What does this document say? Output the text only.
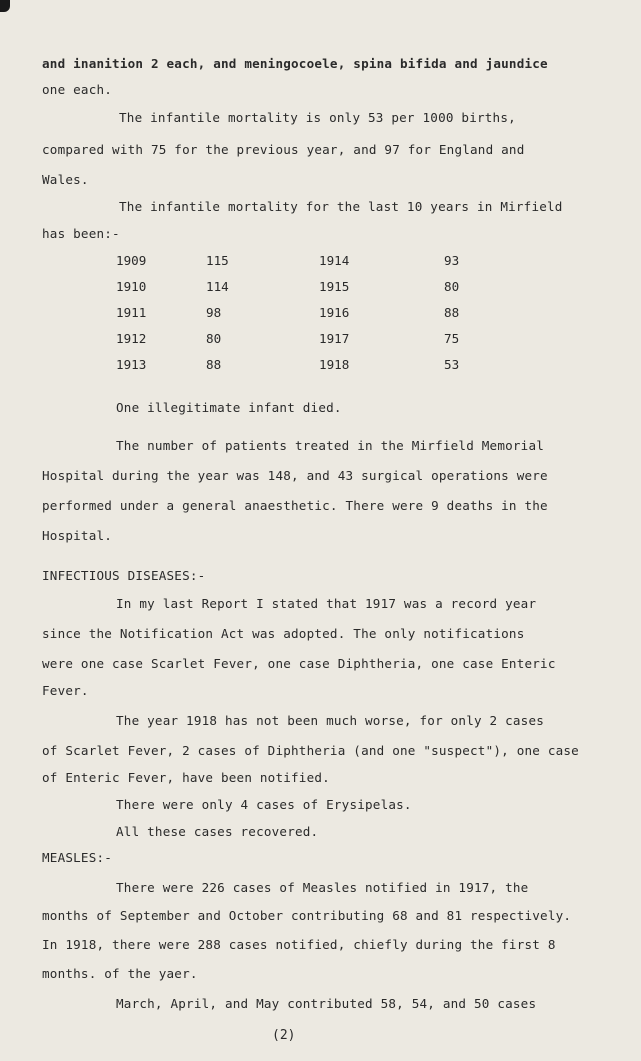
and inanition 2 each, and meningocoele, spina bifida and jaundice
one each.
The infantile mortality is only 53 per 1000 births,
compared with 75 for the previous year, and 97 for England and
Wales.
The infantile mortality for the last 10 years in Mirfield
has been:-
1909	115	1914	93
1910	114	1915	80
1911	98	1916	88
1912	80	1917	75
1913	88	1918	53
One illegitimate infant died.
The number of patients treated in the Mirfield Memorial
Hospital during the year was 148, and 43 surgical operations were
performed under a general anaesthetic. There were 9 deaths in the
Hospital.
INFECTIOUS DISEASES:-
In my last Report I stated that 1917 was a record year
since the Notification Act was adopted. The only notifications
were one case Scarlet Fever, one case Diphtheria, one case Enteric
Fever.
The year 1918 has not been much worse, for only 2 cases
of Scarlet Fever, 2 cases of Diphtheria (and one "suspect"), one case
of Enteric Fever, have been notified.
There were only 4 cases of Erysipelas.
All these cases recovered.
MEASLES:-
There were 226 cases of Measles notified in 1917, the
months of September and October contributing 68 and 81 respectively.
In 1918, there were 288 cases notified, chiefly during the first 8
months. of the yaer.
March, April, and May contributed 58, 54, and 50 cases
(2)
